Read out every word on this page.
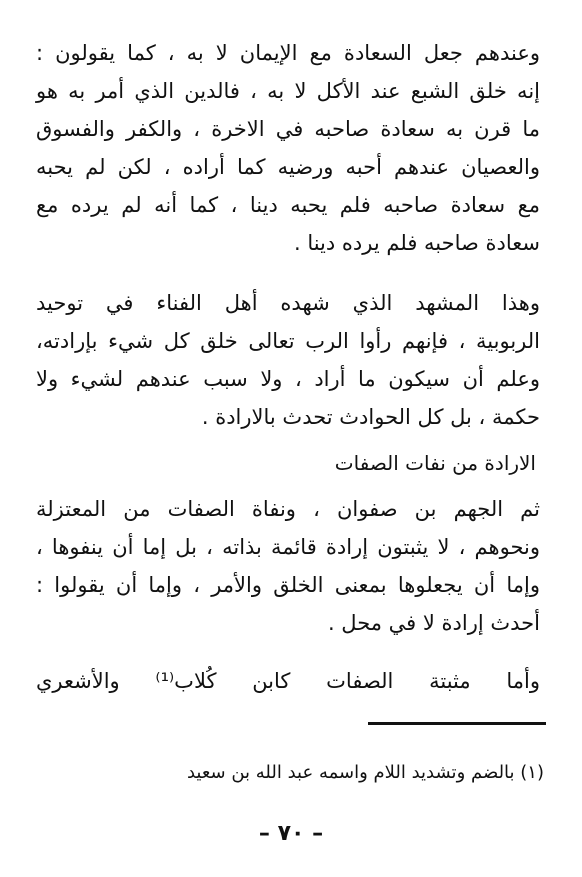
وعندهم جعل السعادة مع الإيمان لا به ، كما يقولون :
إنه خلق الشبع عند الأكل لا به ، فالدين الذي أمر به هو
ما قرن به سعادة صاحبه في الاخرة ، والكفر والفسوق
والعصيان عندهم أحبه ورضيه كما أراده ، لكن لم يحبه
مع سعادة صاحبه فلم يحبه دينا ، كما أنه لم يرده مع
سعادة صاحبه فلم يرده دينا .
وهذا المشهد الذي شهده أهل الفناء في توحيد
الربوبية ، فإنهم رأوا الرب تعالى خلق كل شيء بإرادته،
وعلم أن سيكون ما أراد ، ولا سبب عندهم لشيء ولا
حكمة ، بل كل الحوادث تحدث بالارادة .
الارادة من نفات الصفات
ثم الجهم بن صفوان ، ونفاة الصفات من المعتزلة
ونحوهم ، لا يثبتون إرادة قائمة بذاته ، بل إما أن ينفوها ،
وإما أن يجعلوها بمعنى الخلق والأمر ، وإما أن يقولوا :
أحدث إرادة لا في محل .
وأما مثبتة الصفات كابن كُلاب⁽¹⁾ والأشعري
(١) بالضم وتشديد اللام واسمه عبد الله بن سعيد
– ٧٠ –
